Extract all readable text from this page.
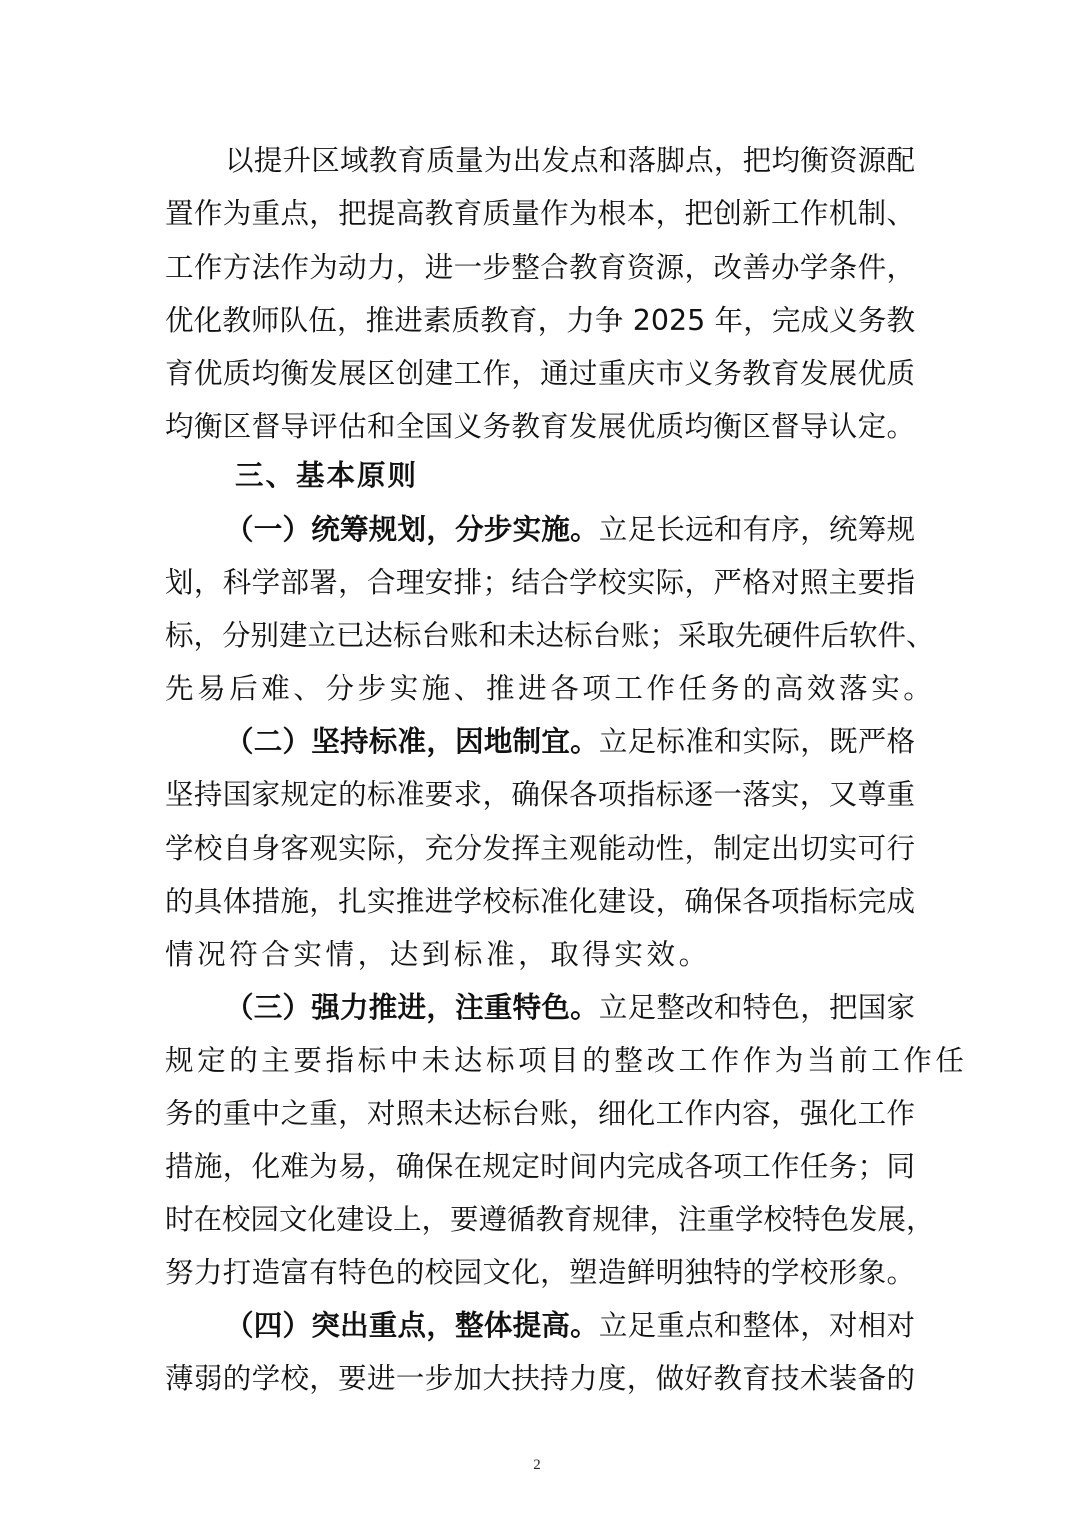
以提升区域教育质量为出发点和落脚点，把均衡资源配
置作为重点，把提高教育质量作为根本，把创新工作机制、
工作方法作为动力，进一步整合教育资源，改善办学条件，
优化教师队伍，推进素质教育，力争 2025 年，完成义务教
育优质均衡发展区创建工作，通过重庆市义务教育发展优质
均衡区督导评估和全国义务教育发展优质均衡区督导认定。
三、基本原则
（一）统筹规划，分步实施。立足长远和有序，统筹规
划，科学部署，合理安排；结合学校实际，严格对照主要指
标，分别建立已达标台账和未达标台账；采取先硬件后软件、
先易后难、分步实施、推进各项工作任务的高效落实。
（二）坚持标准，因地制宜。立足标准和实际，既严格
坚持国家规定的标准要求，确保各项指标逐一落实，又尊重
学校自身客观实际，充分发挥主观能动性，制定出切实可行
的具体措施，扎实推进学校标准化建设，确保各项指标完成
情况符合实情，达到标准，取得实效。
（三）强力推进，注重特色。立足整改和特色，把国家
规定的主要指标中未达标项目的整改工作作为当前工作任
务的重中之重，对照未达标台账，细化工作内容，强化工作
措施，化难为易，确保在规定时间内完成各项工作任务；同
时在校园文化建设上，要遵循教育规律，注重学校特色发展，
努力打造富有特色的校园文化，塑造鲜明独特的学校形象。
（四）突出重点，整体提高。立足重点和整体，对相对
薄弱的学校，要进一步加大扶持力度，做好教育技术装备的
2
